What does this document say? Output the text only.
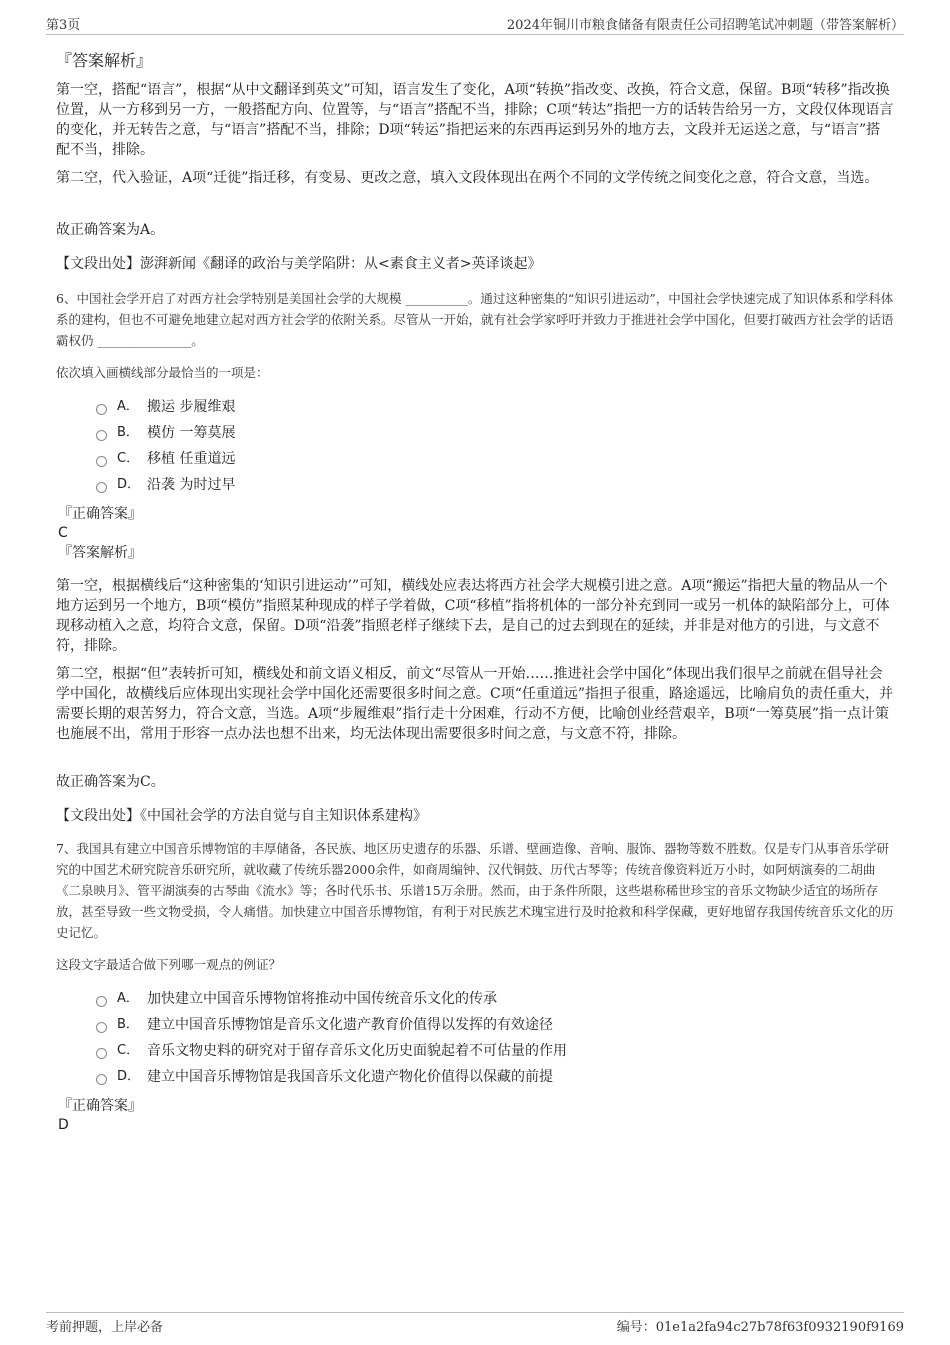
第3页	2024年铜川市粮食储备有限责任公司招聘笔试冲刺题（带答案解析）
『答案解析』

第一空，搭配“语言”，根据“从中文翻译到英文”可知，语言发生了变化，A项“转换”指改变、改换，符合文意，保留。B项“转移”指改换位置，从一方移到另一方，一般搭配方向、位置等，与“语言”搭配不当，排除；C项“转达”指把一方的话转告给另一方，文段仅体现语言的变化，并无转告之意，与“语言”搭配不当，排除；D项“转运”指把运来的东西再运到另外的地方去，文段并无运送之意，与“语言”搭配不当，排除。

第二空，代入验证，A项“迁徙”指迁移，有变易、更改之意，填入文段体现出在两个不同的文学传统之间变化之意，符合文意，当选。

故正确答案为A。

【文段出处】澎湃新闻《翻译的政治与美学陷阱：从<素食主义者>英译谈起》

6、中国社会学开启了对西方社会学特别是美国社会学的大规模 __________。通过这种密集的“知识引进运动”，中国社会学快速完成了知识体系和学科体系的建构，但也不可避免地建立起对西方社会学的依附关系。尽管从一开始，就有社会学家呼吁并致力于推进社会学中国化，但要打破西方社会学的话语霸权仍 _______________。

依次填入画横线部分最恰当的一项是：

A． 搬运 步履维艰
B． 模仿 一筹莫展
C． 移植 任重道远
D． 沿袭 为时过早
『正确答案』
C
『答案解析』

第一空，根据横线后“这种密集的‘知识引进运动’”可知，横线处应表达将西方社会学大规模引进之意。A项“搬运”指把大量的物品从一个地方运到另一个地方，B项“模仿”指照某种现成的样子学着做，C项“移植”指将机体的一部分补充到同一或另一机体的缺陷部分上，可体现移动植入之意，均符合文意，保留。D项“沿袭”指照老样子继续下去，是自己的过去到现在的延续，并非是对他方的引进，与文意不符，排除。

第二空，根据“但”表转折可知，横线处和前文语义相反，前文“尽管从一开始……推进社会学中国化”体现出我们很早之前就在倡导社会学中国化，故横线后应体现出实现社会学中国化还需要很多时间之意。C项“任重道远”指担子很重，路途遥远，比喻肩负的责任重大，并需要长期的艰苦努力，符合文意，当选。A项“步履维艰”指行走十分困难，行动不方便，比喻创业经营艰辛，B项“一筹莫展”指一点计策也施展不出，常用于形容一点办法也想不出来，均无法体现出需要很多时间之意，与文意不符，排除。

故正确答案为C。

【文段出处】《中国社会学的方法自觉与自主知识体系建构》

7、我国具有建立中国音乐博物馆的丰厚储备，各民族、地区历史遗存的乐器、乐谱、壁画造像、音响、服饰、器物等数不胜数。仅是专门从事音乐学研究的中国艺术研究院音乐研究所，就收藏了传统乐器2000余件，如商周编钟、汉代铜鼓、历代古琴等；传统音像资料近万小时，如阿炳演奏的二胡曲《二泉映月》、管平湖演奏的古琴曲《流水》等；各时代乐书、乐谱15万余册。然而，由于条件所限，这些堪称稀世珍宝的音乐文物缺少适宜的场所存放，甚至导致一些文物受损，令人痛惜。加快建立中国音乐博物馆，有利于对民族艺术瑰宝进行及时抢救和科学保藏，更好地留存我国传统音乐文化的历史记忆。

这段文字最适合做下列哪一观点的例证？

A． 加快建立中国音乐博物馆将推动中国传统音乐文化的传承
B． 建立中国音乐博物馆是音乐文化遗产教育价值得以发挥的有效途径
C． 音乐文物史料的研究对于留存音乐文化历史面貌起着不可估量的作用
D． 建立中国音乐博物馆是我国音乐文化遗产物化价值得以保藏的前提
『正确答案』
D
考前押题，上岸必备	编号：01e1a2fa94c27b78f63f0932190f9169
